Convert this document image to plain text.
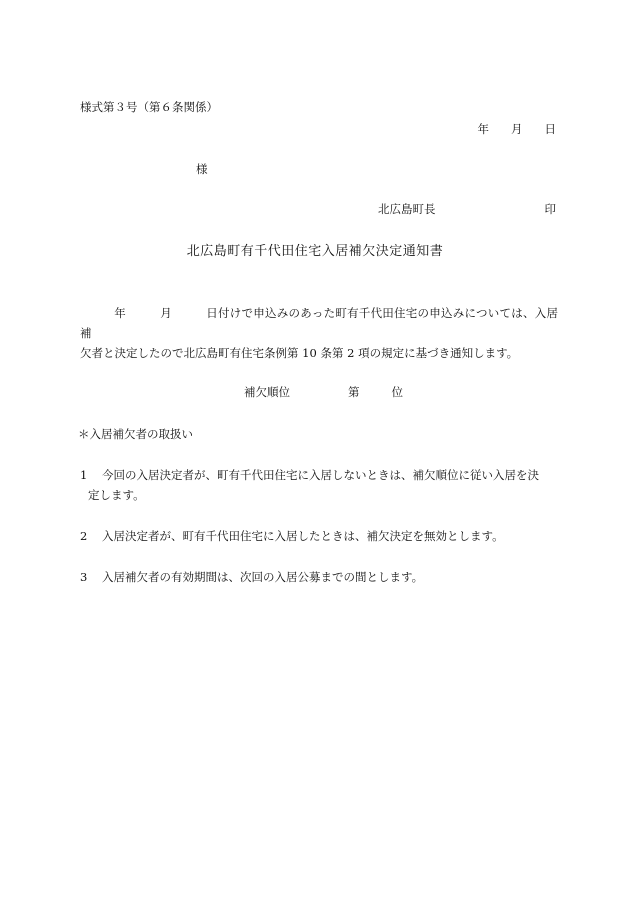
様式第３号（第６条関係）
年 月 日
様
北広島町長	印
北広島町有千代田住宅入居補欠決定通知書
年	月	日付けで申込みのあった町有千代田住宅の申込みについては、入居補
欠者と決定したので北広島町有住宅条例第 10 条第 2 項の規定に基づき通知します。
補欠順位	第	位
＊入居補欠者の取扱い
1 今回の入居決定者が、町有千代田住宅に入居しないときは、補欠順位に従い入居を決
定します。
2 入居決定者が、町有千代田住宅に入居したときは、補欠決定を無効とします。
3 入居補欠者の有効期間は、次回の入居公募までの間とします。
